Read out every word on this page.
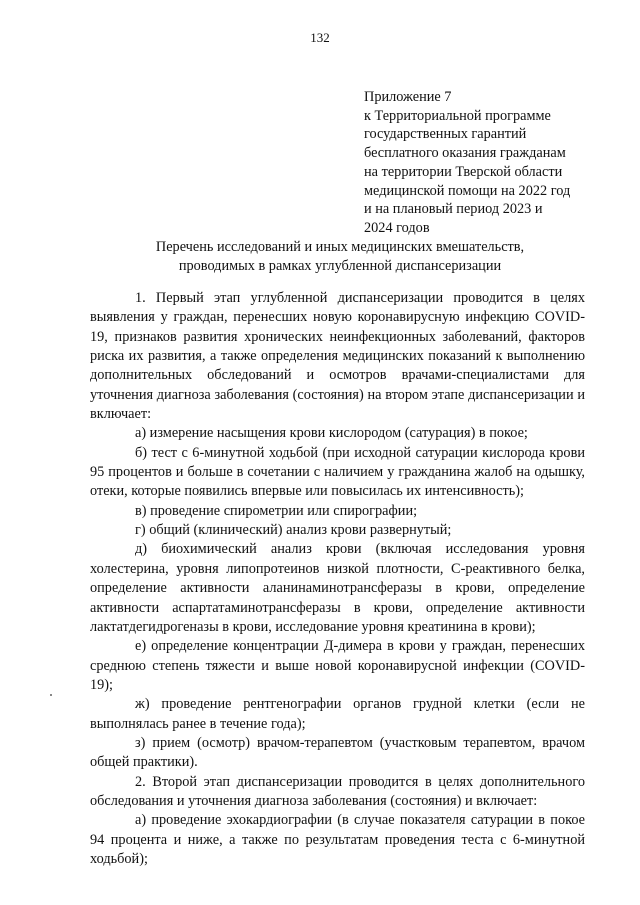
132
Приложение 7
к Территориальной программе
государственных гарантий
бесплатного оказания гражданам
на территории Тверской области
медицинской помощи на 2022 год
и на плановый период 2023 и
2024 годов
Перечень исследований и иных медицинских вмешательств,
проводимых в рамках углубленной диспансеризации

1. Первый этап углубленной диспансеризации проводится в целях выявления у граждан, перенесших новую коронавирусную инфекцию COVID-19, признаков развития хронических неинфекционных заболеваний, факторов риска их развития, а также определения медицинских показаний к выполнению дополнительных обследований и осмотров врачами-специалистами для уточнения диагноза заболевания (состояния) на втором этапе диспансеризации и включает:

а) измерение насыщения крови кислородом (сатурация) в покое;

б) тест с 6-минутной ходьбой (при исходной сатурации кислорода крови 95 процентов и больше в сочетании с наличием у гражданина жалоб на одышку, отеки, которые появились впервые или повысилась их интенсивность);

в) проведение спирометрии или спирографии;

г) общий (клинический) анализ крови развернутый;

д) биохимический анализ крови (включая исследования уровня холестерина, уровня липопротеинов низкой плотности, С-реактивного белка, определение активности аланинаминотрансферазы в крови, определение активности аспартатаминотрансферазы в крови, определение активности лактатдегидрогеназы в крови, исследование уровня креатинина в крови);

е) определение концентрации Д-димера в крови у граждан, перенесших среднюю степень тяжести и выше новой коронавирусной инфекции (COVID-19);

ж) проведение рентгенографии органов грудной клетки (если не выполнялась ранее в течение года);

з) прием (осмотр) врачом-терапевтом (участковым терапевтом, врачом общей практики).

2. Второй этап диспансеризации проводится в целях дополнительного обследования и уточнения диагноза заболевания (состояния) и включает:

а) проведение эхокардиографии (в случае показателя сатурации в покое 94 процента и ниже, а также по результатам проведения теста с 6-минутной ходьбой);
